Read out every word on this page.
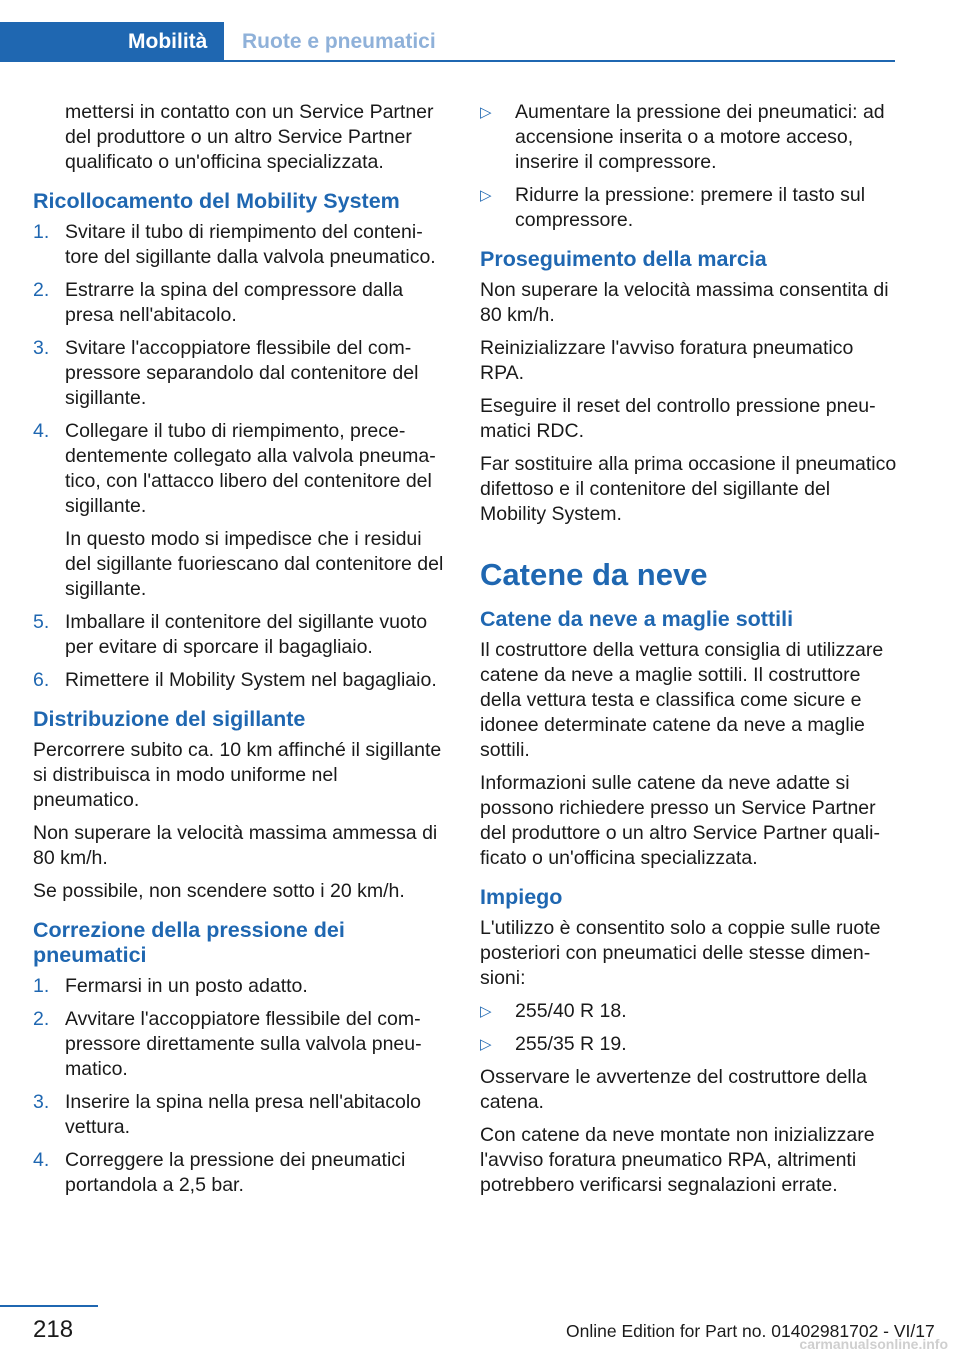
Mobilità	Ruote e pneumatici

mettersi in contatto con un Service Partner del produttore o un altro Service Partner qualificato o un'officina specializzata.

Ricollocamento del Mobility System
1. Svitare il tubo di riempimento del contenitore del sigillante dalla valvola pneumatico.
2. Estrarre la spina del compressore dalla presa nell'abitacolo.
3. Svitare l'accoppiatore flessibile del compressore separandolo dal contenitore del sigillante.
4. Collegare il tubo di riempimento, precedentemente collegato alla valvola pneumatico, con l'attacco libero del contenitore del sigillante.
In questo modo si impedisce che i residui del sigillante fuoriescano dal contenitore del sigillante.
5. Imballare il contenitore del sigillante vuoto per evitare di sporcare il bagagliaio.
6. Rimettere il Mobility System nel bagagliaio.
Distribuzione del sigillante

Percorrere subito ca. 10 km affinché il sigillante si distribuisca in modo uniforme nel pneumatico.

Non superare la velocità massima ammessa di 80 km/h.

Se possibile, non scendere sotto i 20 km/h.

Correzione della pressione dei pneumatici
1. Fermarsi in un posto adatto.
2. Avvitare l'accoppiatore flessibile del compressore direttamente sulla valvola pneumatico.
3. Inserire la spina nella presa nell'abitacolo vettura.
4. Correggere la pressione dei pneumatici portandola a 2,5 bar.
▷ Aumentare la pressione dei pneumatici: ad accensione inserita o a motore acceso, inserire il compressore.
▷ Ridurre la pressione: premere il tasto sul compressore.
Proseguimento della marcia

Non superare la velocità massima consentita di 80 km/h.

Reinizializzare l'avviso foratura pneumatico RPA.

Eseguire il reset del controllo pressione pneumatici RDC.

Far sostituire alla prima occasione il pneumatico difettoso e il contenitore del sigillante del Mobility System.

Catene da neve
Catene da neve a maglie sottili

Il costruttore della vettura consiglia di utilizzare catene da neve a maglie sottili. Il costruttore della vettura testa e classifica come sicure e idonee determinate catene da neve a maglie sottili.

Informazioni sulle catene da neve adatte si possono richiedere presso un Service Partner del produttore o un altro Service Partner qualificato o un'officina specializzata.

Impiego

L'utilizzo è consentito solo a coppie sulle ruote posteriori con pneumatici delle stesse dimensioni:

▷ 255/40 R 18.
▷ 255/35 R 19.

Osservare le avvertenze del costruttore della catena.

Con catene da neve montate non inizializzare l'avviso foratura pneumatico RPA, altrimenti potrebbero verificarsi segnalazioni errate.

218	Online Edition for Part no. 01402981702 - VI/17
carmanualsonline.info
